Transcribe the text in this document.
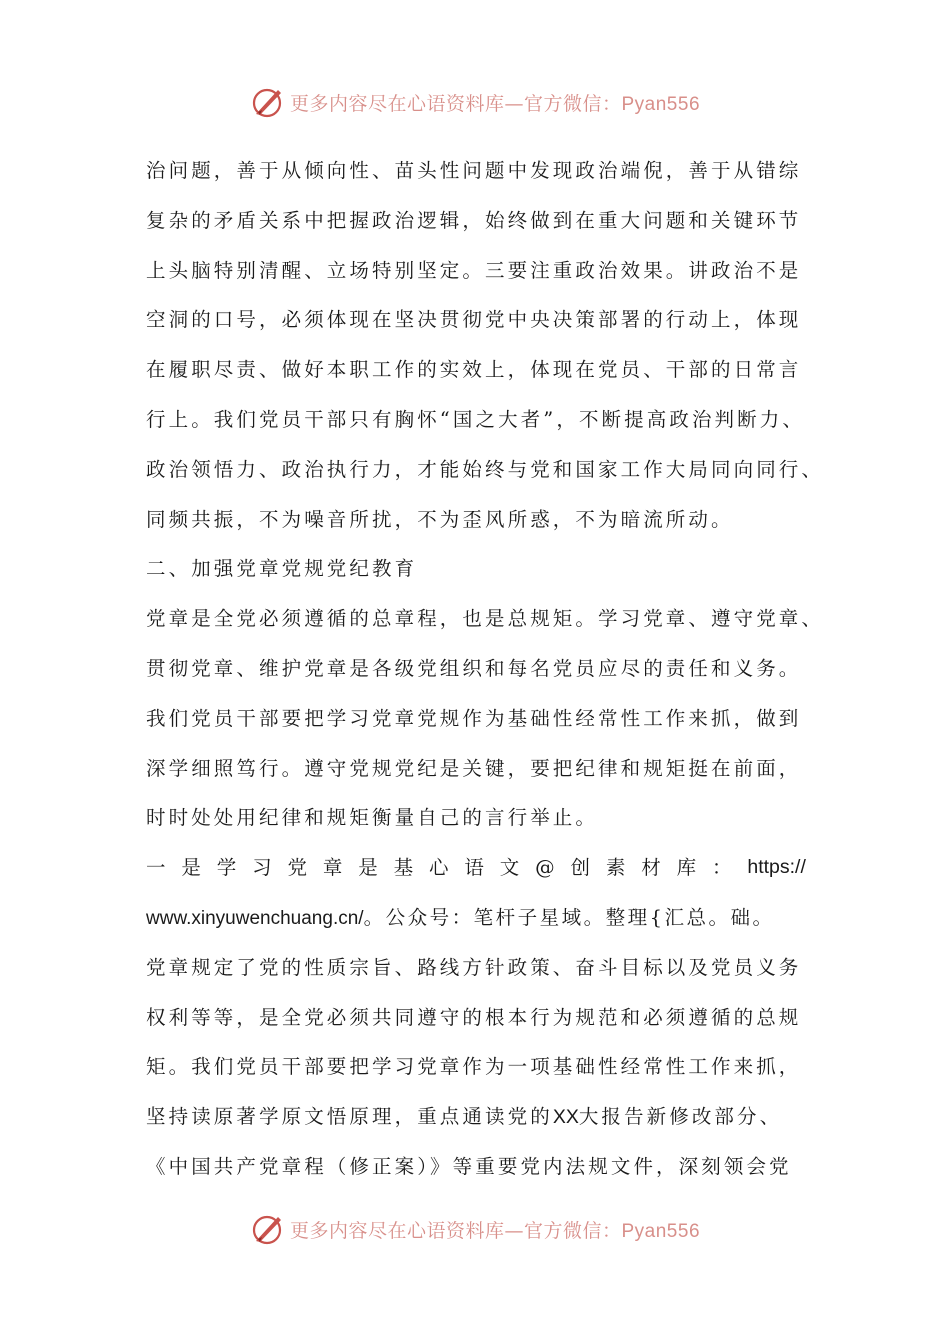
更多内容尽在心语资料库—官方微信：Pyan556
治问题，善于从倾向性、苗头性问题中发现政治端倪，善于从错综
复杂的矛盾关系中把握政治逻辑，始终做到在重大问题和关键环节
上头脑特别清醒、立场特别坚定。三要注重政治效果。讲政治不是
空洞的口号，必须体现在坚决贯彻党中央决策部署的行动上，体现
在履职尽责、做好本职工作的实效上，体现在党员、干部的日常言
行上。我们党员干部只有胸怀“国之大者”，不断提高政治判断力、
政治领悟力、政治执行力，才能始终与党和国家工作大局同向同行、
同频共振，不为噪音所扰，不为歪风所惑，不为暗流所动。
二、加强党章党规党纪教育
党章是全党必须遵循的总章程，也是总规矩。学习党章、遵守党章、
贯彻党章、维护党章是各级党组织和每名党员应尽的责任和义务。
我们党员干部要把学习党章党规作为基础性经常性工作来抓，做到
深学细照笃行。遵守党规党纪是关键，要把纪律和规矩挺在前面，
时时处处用纪律和规矩衡量自己的言行举止。
一 是 学 习 党 章 是 基 心 语 文 @ 创 素 材 库 ： https://
www.xinyuwenchuang.cn/。公众号：笔杆子星域。整理{汇总。础。
党章规定了党的性质宗旨、路线方针政策、奋斗目标以及党员义务
权利等等，是全党必须共同遵守的根本行为规范和必须遵循的总规
矩。我们党员干部要把学习党章作为一项基础性经常性工作来抓，
坚持读原著学原文悟原理，重点通读党的XX大报告新修改部分、
《中国共产党章程（修正案）》等重要党内法规文件，深刻领会党
更多内容尽在心语资料库—官方微信：Pyan556
